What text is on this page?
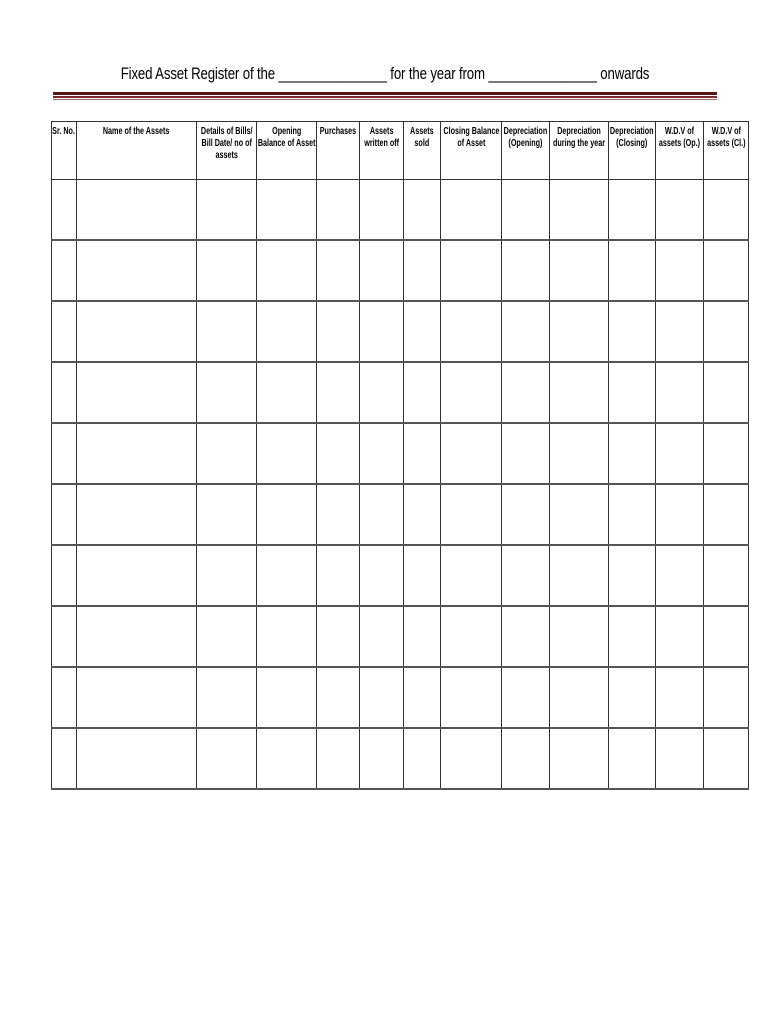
Fixed Asset Register of the _______________ for the year from _______________ onwards
Sr. No.	Name of the Assets	Details of Bills/ Bill Date/ no of assets	Opening Balance of Asset	Purchases	Assets written off	Assets sold	Closing Balance of Asset	Depreciation (Opening)	Depreciation during the year	Depreciation (Closing)	W.D.V of assets (Op.)	W.D.V of assets (Cl.)
